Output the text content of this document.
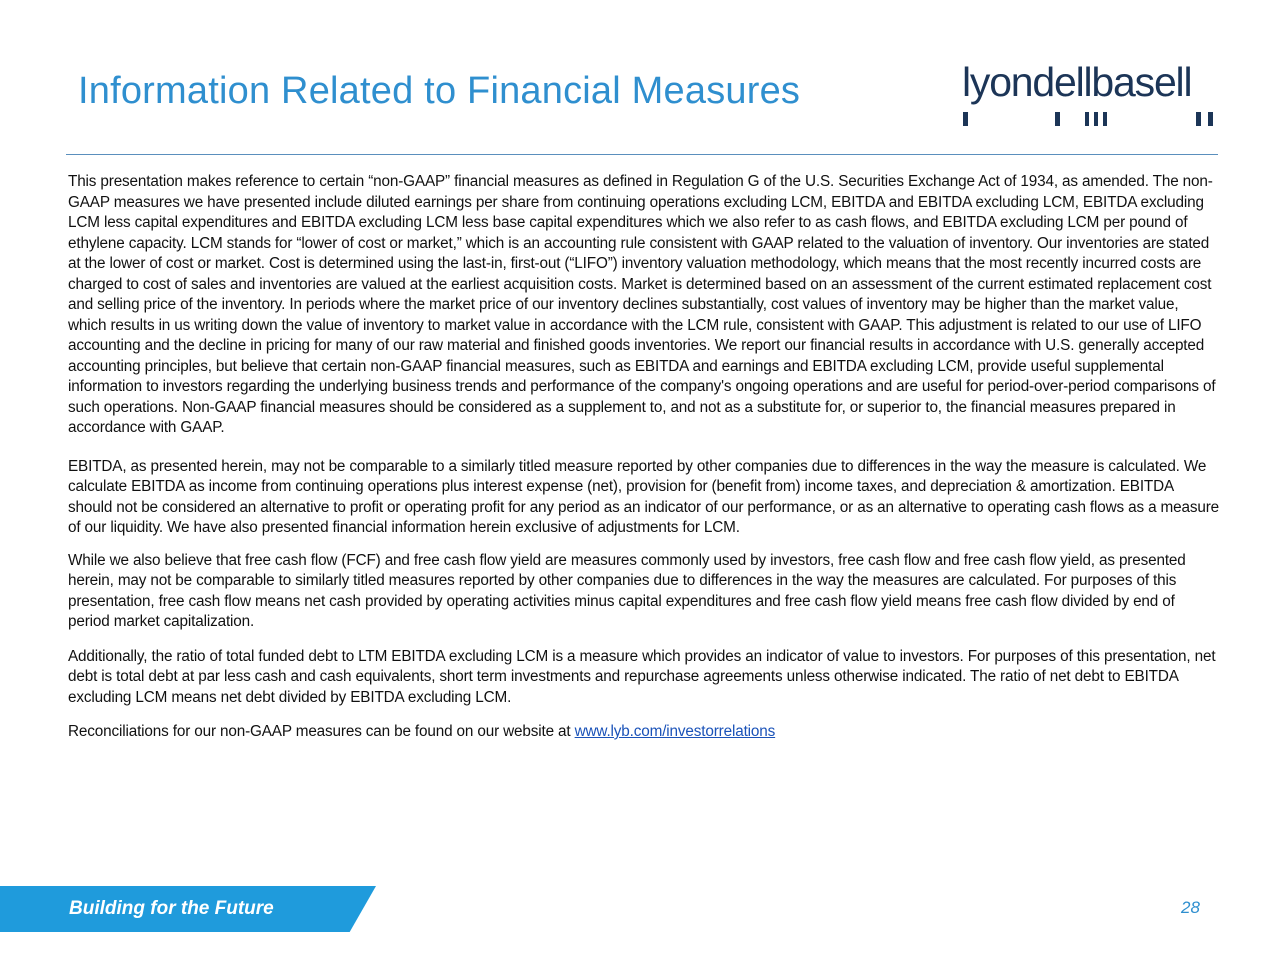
Information Related to Financial Measures	lyondellbasell

This presentation makes reference to certain “non-GAAP” financial measures as defined in Regulation G of the U.S. Securities Exchange Act of 1934, as amended. The non-GAAP measures we have presented include diluted earnings per share from continuing operations excluding LCM, EBITDA and EBITDA excluding LCM, EBITDA excluding LCM less capital expenditures and EBITDA excluding LCM less base capital expenditures which we also refer to as cash flows, and EBITDA excluding LCM per pound of ethylene capacity. LCM stands for “lower of cost or market,” which is an accounting rule consistent with GAAP related to the valuation of inventory. Our inventories are stated at the lower of cost or market. Cost is determined using the last-in, first-out (“LIFO”) inventory valuation methodology, which means that the most recently incurred costs are charged to cost of sales and inventories are valued at the earliest acquisition costs. Market is determined based on an assessment of the current estimated replacement cost and selling price of the inventory. In periods where the market price of our inventory declines substantially, cost values of inventory may be higher than the market value, which results in us writing down the value of inventory to market value in accordance with the LCM rule, consistent with GAAP. This adjustment is related to our use of LIFO accounting and the decline in pricing for many of our raw material and finished goods inventories. We report our financial results in accordance with U.S. generally accepted accounting principles, but believe that certain non-GAAP financial measures, such as EBITDA and earnings and EBITDA excluding LCM, provide useful supplemental information to investors regarding the underlying business trends and performance of the company's ongoing operations and are useful for period-over-period comparisons of such operations. Non-GAAP financial measures should be considered as a supplement to, and not as a substitute for, or superior to, the financial measures prepared in accordance with GAAP.

EBITDA, as presented herein, may not be comparable to a similarly titled measure reported by other companies due to differences in the way the measure is calculated. We calculate EBITDA as income from continuing operations plus interest expense (net), provision for (benefit from) income taxes, and depreciation & amortization. EBITDA should not be considered an alternative to profit or operating profit for any period as an indicator of our performance, or as an alternative to operating cash flows as a measure of our liquidity. We have also presented financial information herein exclusive of adjustments for LCM.

While we also believe that free cash flow (FCF) and free cash flow yield are measures commonly used by investors, free cash flow and free cash flow yield, as presented herein, may not be comparable to similarly titled measures reported by other companies due to differences in the way the measures are calculated. For purposes of this presentation, free cash flow means net cash provided by operating activities minus capital expenditures and free cash flow yield means free cash flow divided by end of period market capitalization.

Additionally, the ratio of total funded debt to LTM EBITDA excluding LCM is a measure which provides an indicator of value to investors. For purposes of this presentation, net debt is total debt at par less cash and cash equivalents, short term investments and repurchase agreements unless otherwise indicated. The ratio of net debt to EBITDA excluding LCM means net debt divided by EBITDA excluding LCM.

Reconciliations for our non-GAAP measures can be found on our website at www.lyb.com/investorrelations

Building for the Future	28
